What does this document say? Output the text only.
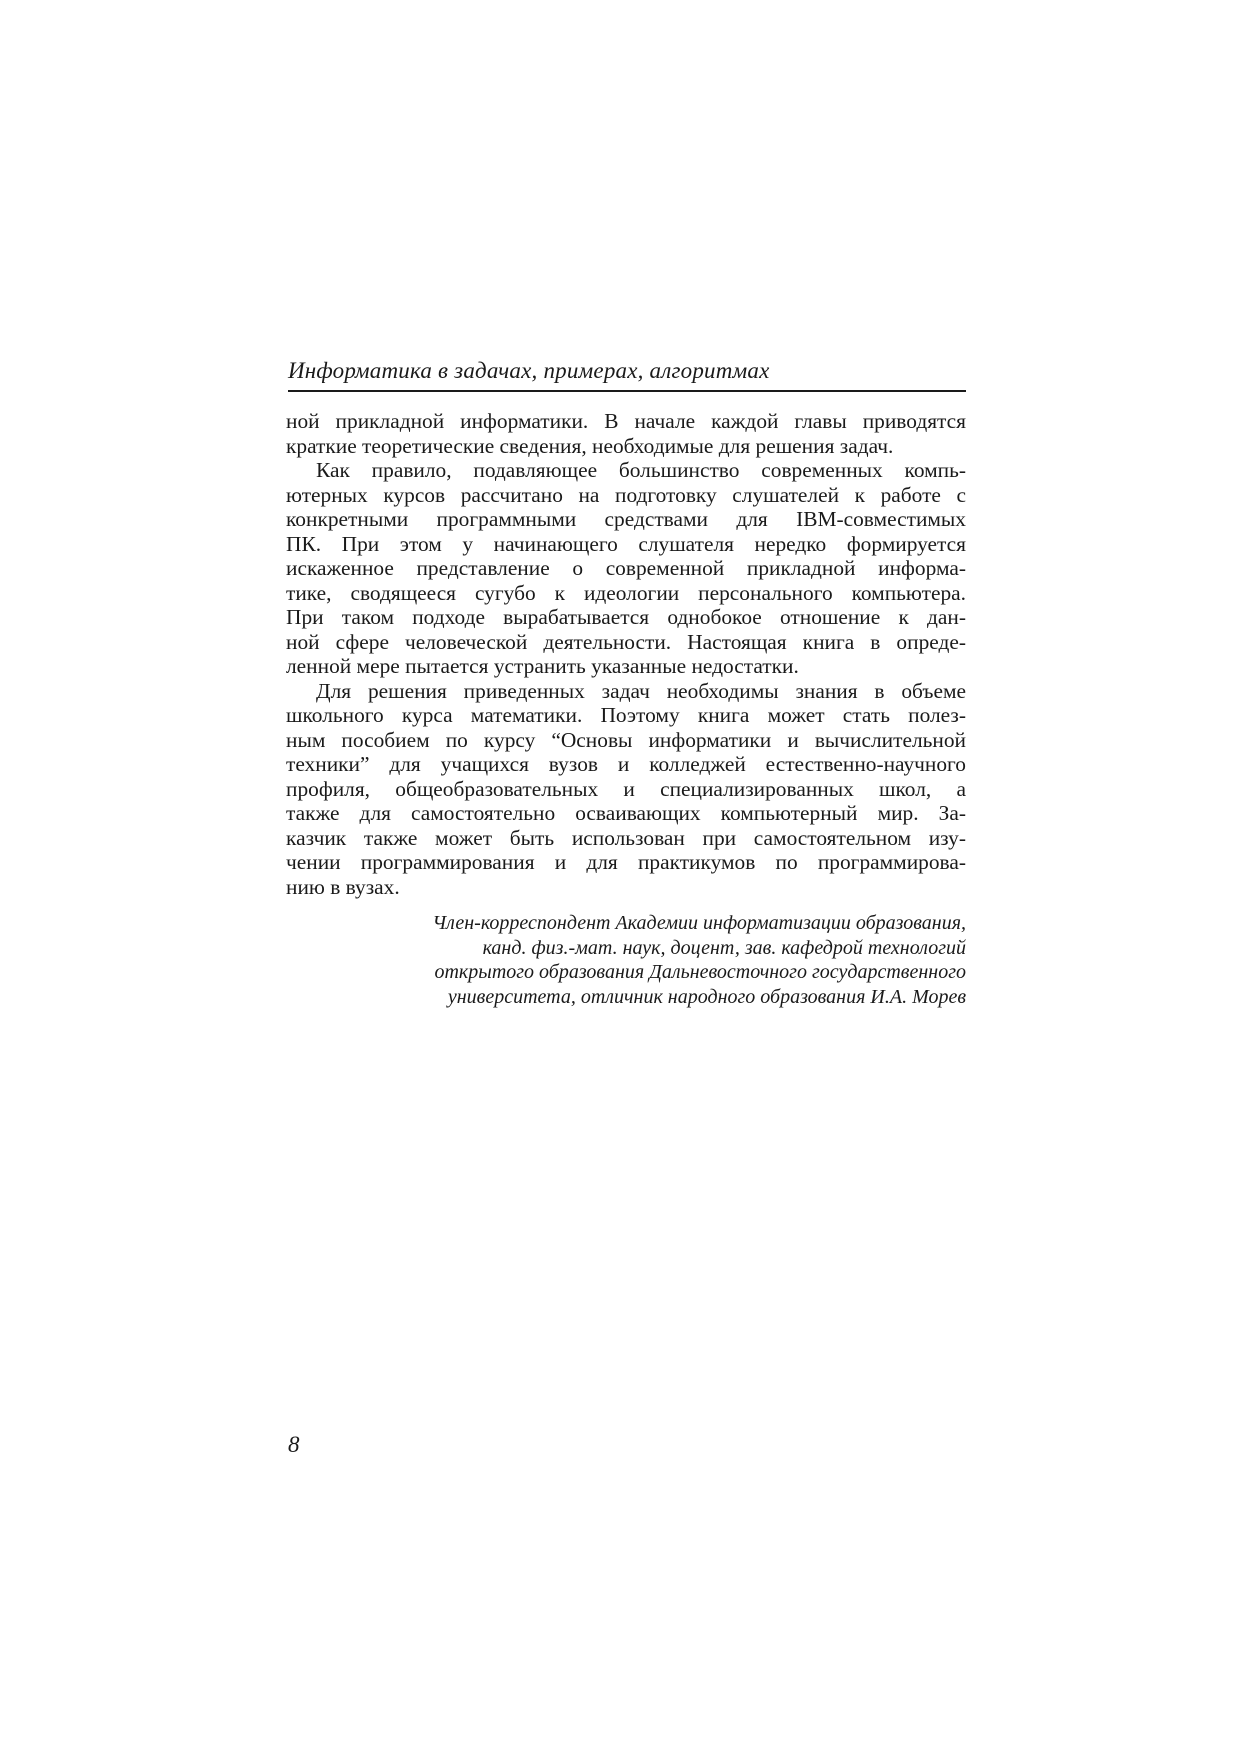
Информатика в задачах, примерах, алгоритмах
ной прикладной информатики. В начале каждой главы приводятся
краткие теоретические сведения, необходимые для решения задач.
Как правило, подавляющее большинство современных компь-
ютерных курсов рассчитано на подготовку слушателей к работе с
конкретными программными средствами для IBM-совместимых
ПК. При этом у начинающего слушателя нередко формируется
искаженное представление о современной прикладной информа-
тике, сводящееся сугубо к идеологии персонального компьютера.
При таком подходе вырабатывается однобокое отношение к дан-
ной сфере человеческой деятельности. Настоящая книга в опреде-
ленной мере пытается устранить указанные недостатки.
Для решения приведенных задач необходимы знания в объеме
школьного курса математики. Поэтому книга может стать полез-
ным пособием по курсу “Основы информатики и вычислительной
техники” для учащихся вузов и колледжей естественно-научного
профиля, общеобразовательных и специализированных школ, а
также для самостоятельно осваивающих компьютерный мир. За-
казчик также может быть использован при самостоятельном изу-
чении программирования и для практикумов по программирова-
нию в вузах.
Член-корреспондент Академии информатизации образования,
канд. физ.-мат. наук, доцент, зав. кафедрой технологий
открытого образования Дальневосточного государственного
университета, отличник народного образования И.А. Морев
8
